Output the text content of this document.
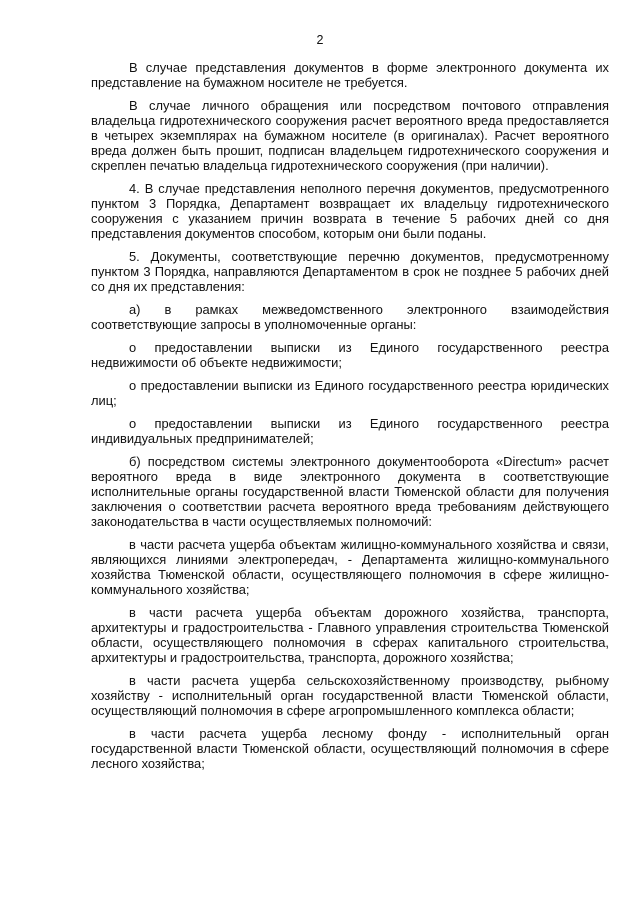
2

В случае представления документов в форме электронного документа их представление на бумажном носителе не требуется.

В случае личного обращения или посредством почтового отправления владельца гидротехнического сооружения расчет вероятного вреда предоставляется в четырех экземплярах на бумажном носителе (в оригиналах). Расчет вероятного вреда должен быть прошит, подписан владельцем гидротехнического сооружения и скреплен печатью владельца гидротехнического сооружения (при наличии).

4. В случае представления неполного перечня документов, предусмотренного пунктом 3 Порядка, Департамент возвращает их владельцу гидротехнического сооружения с указанием причин возврата в течение 5 рабочих дней со дня представления документов способом, которым они были поданы.

5. Документы, соответствующие перечню документов, предусмотренному пунктом 3 Порядка, направляются Департаментом в срок не позднее 5 рабочих дней со дня их представления:

а) в рамках межведомственного электронного взаимодействия соответствующие запросы в уполномоченные органы:

о предоставлении выписки из Единого государственного реестра недвижимости об объекте недвижимости;

о предоставлении выписки из Единого государственного реестра юридических лиц;

о предоставлении выписки из Единого государственного реестра индивидуальных предпринимателей;

б) посредством системы электронного документооборота «Directum» расчет вероятного вреда в виде электронного документа в соответствующие исполнительные органы государственной власти Тюменской области для получения заключения о соответствии расчета вероятного вреда требованиям действующего законодательства в части осуществляемых полномочий:

в части расчета ущерба объектам жилищно-коммунального хозяйства и связи, являющихся линиями электропередач, - Департамента жилищно-коммунального хозяйства Тюменской области, осуществляющего полномочия в сфере жилищно-коммунального хозяйства;

в части расчета ущерба объектам дорожного хозяйства, транспорта, архитектуры и градостроительства - Главного управления строительства Тюменской области, осуществляющего полномочия в сферах капитального строительства, архитектуры и градостроительства, транспорта, дорожного хозяйства;

в части расчета ущерба сельскохозяйственному производству, рыбному хозяйству - исполнительный орган государственной власти Тюменской области, осуществляющий полномочия в сфере агропромышленного комплекса области;

в части расчета ущерба лесному фонду - исполнительный орган государственной власти Тюменской области, осуществляющий полномочия в сфере лесного хозяйства;
